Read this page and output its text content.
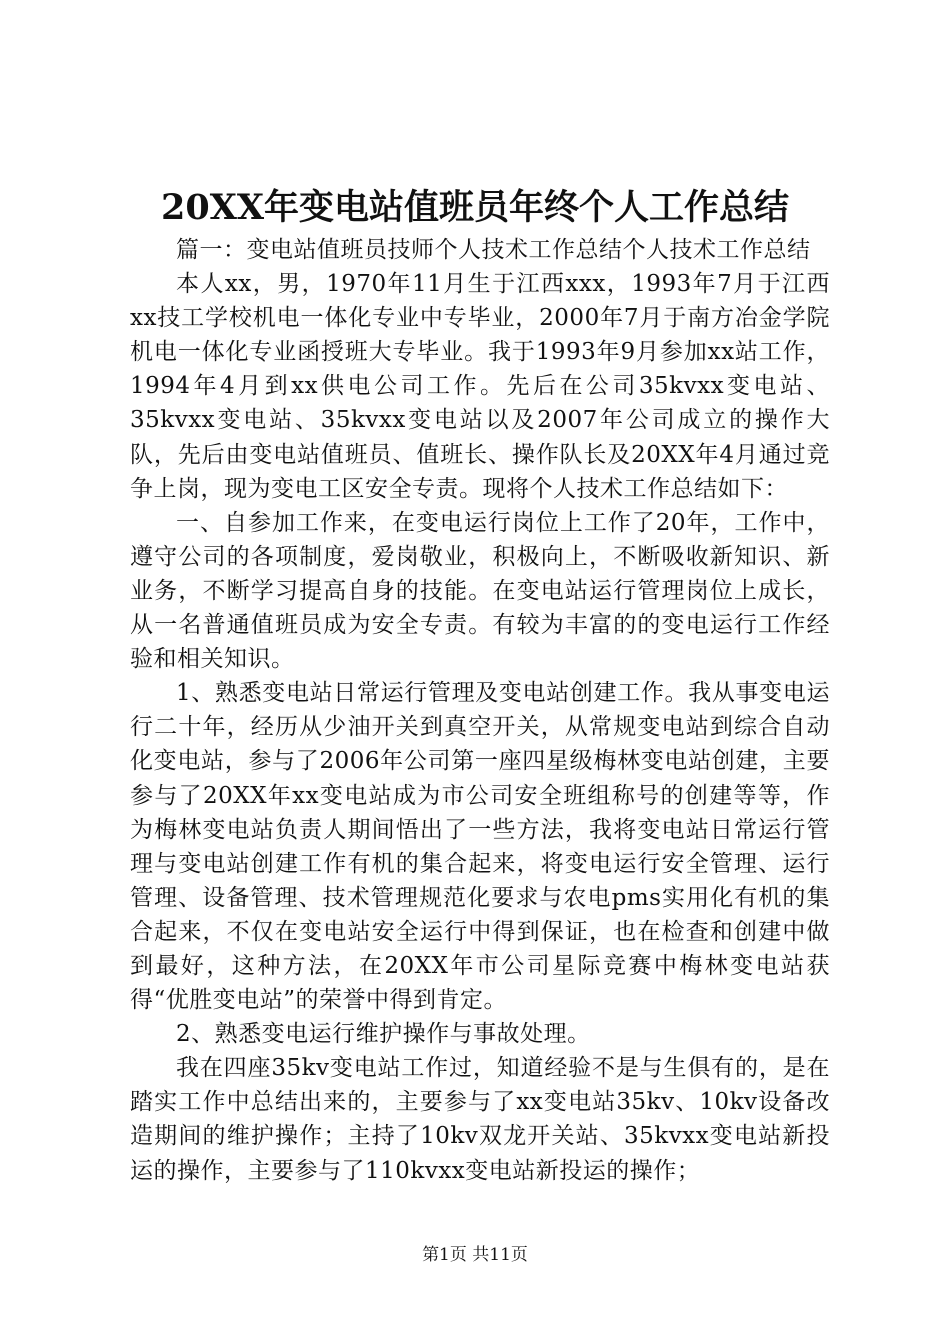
20XX年变电站值班员年终个人工作总结

篇一：变电站值班员技师个人技术工作总结个人技术工作总结

本人xx，男，1970年11月生于江西xxx，1993年7月于江西xx技工学校机电一体化专业中专毕业，2000年7月于南方冶金学院机电一体化专业函授班大专毕业。我于1993年9月参加xx站工作，1994年4月到xx供电公司工作。先后在公司35kvxx变电站、35kvxx变电站、35kvxx变电站以及2007年公司成立的操作大队，先后由变电站值班员、值班长、操作队长及20XX年4月通过竞争上岗，现为变电工区安全专责。现将个人技术工作总结如下：

一、自参加工作来，在变电运行岗位上工作了20年，工作中，遵守公司的各项制度，爱岗敬业，积极向上，不断吸收新知识、新业务，不断学习提高自身的技能。在变电站运行管理岗位上成长，从一名普通值班员成为安全专责。有较为丰富的的变电运行工作经验和相关知识。

1、熟悉变电站日常运行管理及变电站创建工作。我从事变电运行二十年，经历从少油开关到真空开关，从常规变电站到综合自动化变电站，参与了2006年公司第一座四星级梅林变电站创建，主要参与了20XX年xx变电站成为市公司安全班组称号的创建等等，作为梅林变电站负责人期间悟出了一些方法，我将变电站日常运行管理与变电站创建工作有机的集合起来，将变电运行安全管理、运行管理、设备管理、技术管理规范化要求与农电pms实用化有机的集合起来，不仅在变电站安全运行中得到保证，也在检查和创建中做到最好，这种方法，在20XX年市公司星际竞赛中梅林变电站获得“优胜变电站”的荣誉中得到肯定。

2、熟悉变电运行维护操作与事故处理。

我在四座35kv变电站工作过，知道经验不是与生俱有的，是在踏实工作中总结出来的，主要参与了xx变电站35kv、10kv设备改造期间的维护操作；主持了10kv双龙开关站、35kvxx变电站新投运的操作，主要参与了110kvxx变电站新投运的操作；

第1页 共11页
